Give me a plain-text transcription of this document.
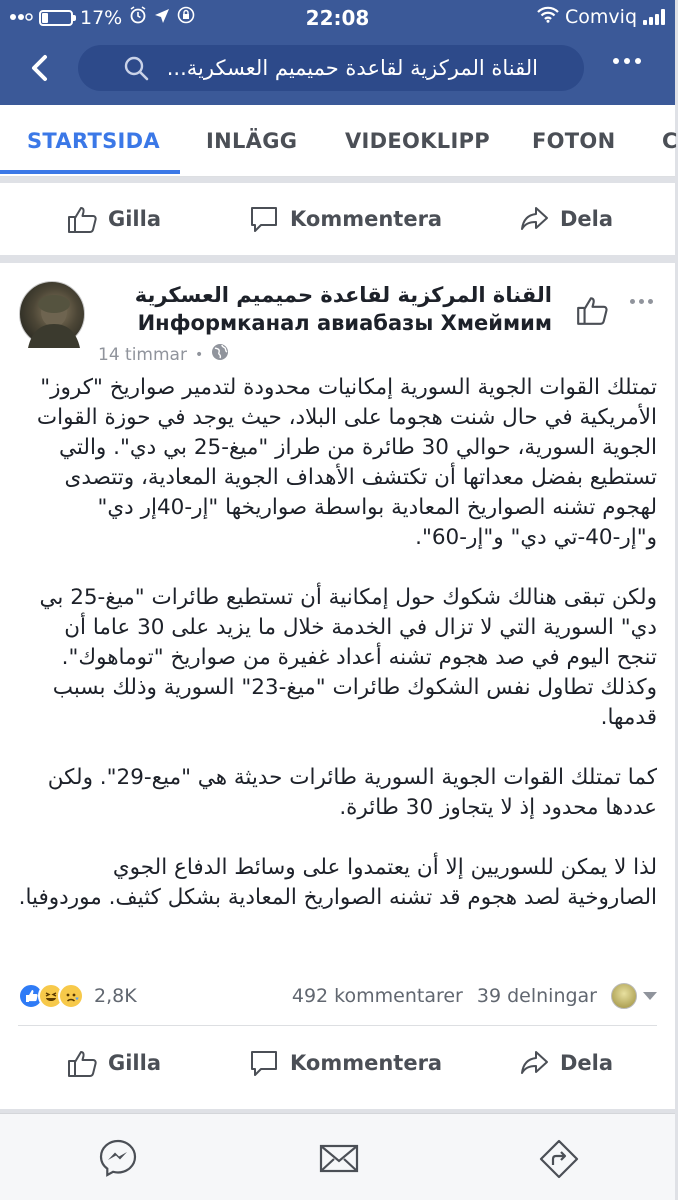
17%	22:08	Comviq
القناة المركزية لقاعدة حميميم العسكرية...
STARTSIDA INLÄGG VIDEOKLIPP FOTON C
Gilla	Kommentera	Dela
القناة المركزية لقاعدة حميميم العسكرية
Информканал авиабазы Хмеймим
14 timmar •

تمتلك القوات الجوية السورية إمكانيات محدودة لتدمير صواريخ "كروز" الأمريكية في حال شنت هجوما على البلاد، حيث يوجد في حوزة القوات الجوية السورية، حوالي 30 طائرة من طراز "ميغ-25 بي دي". والتي تستطيع بفضل معداتها أن تكتشف الأهداف الجوية المعادية، وتتصدى لهجوم تشنه الصواريخ المعادية بواسطة صواريخها "إر-40إر دي" و"إر-40-تي دي" و"إر-60".

ولكن تبقى هنالك شكوك حول إمكانية أن تستطيع طائرات "ميغ-25 بي دي" السورية التي لا تزال في الخدمة خلال ما يزيد على 30 عاما أن تنجح اليوم في صد هجوم تشنه أعداد غفيرة من صواريخ "توماهوك". وكذلك تطاول نفس الشكوك طائرات "ميغ-23" السورية وذلك بسبب قدمها.

كما تمتلك القوات الجوية السورية طائرات حديثة هي "ميع-29". ولكن عددها محدود إذ لا يتجاوز 30 طائرة.

لذا لا يمكن للسوريين إلا أن يعتمدوا على وسائط الدفاع الجوي الصاروخية لصد هجوم قد تشنه الصواريخ المعادية بشكل كثيف. موردوفيا.

2,8K	492 kommentarer 39 delningar
Gilla	Kommentera	Dela
